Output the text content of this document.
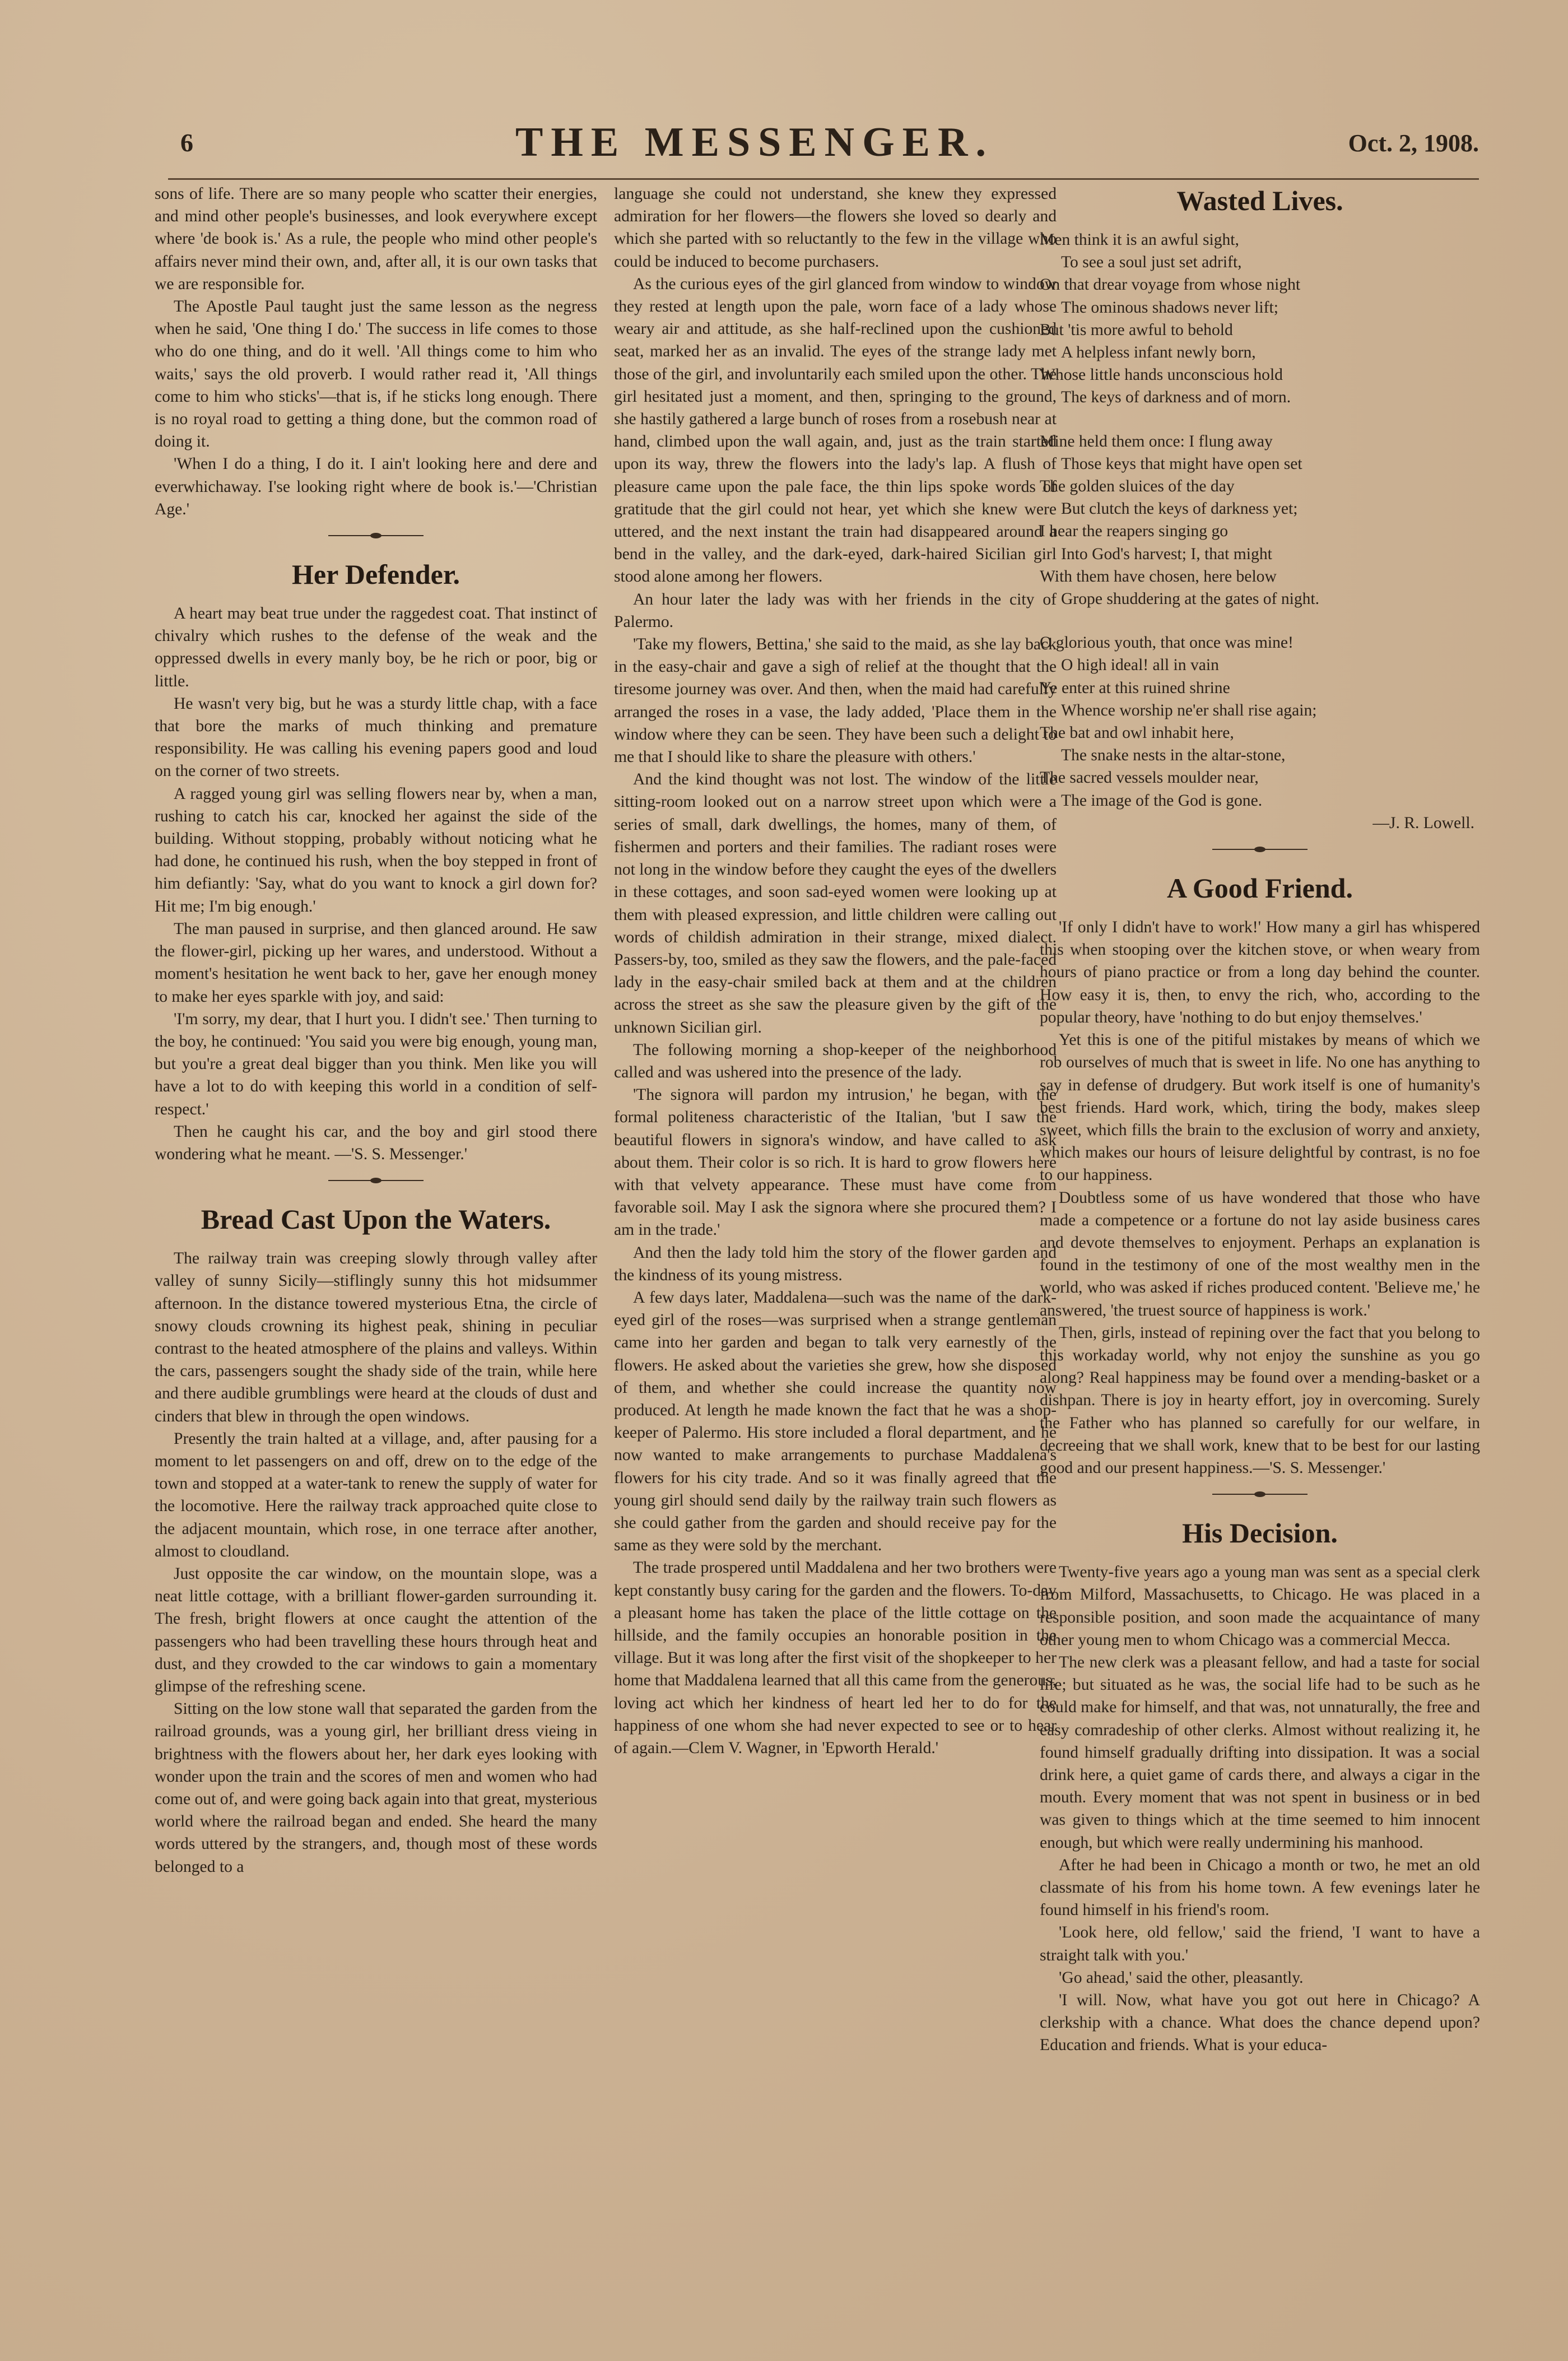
6	THE MESSENGER.	Oct. 2, 1908.

sons of life. There are so many people who scatter their energies, and mind other people's businesses, and look everywhere except where 'de book is.' As a rule, the people who mind other people's affairs never mind their own, and, after all, it is our own tasks that we are responsible for.

The Apostle Paul taught just the same lesson as the negress when he said, 'One thing I do.' The success in life comes to those who do one thing, and do it well. 'All things come to him who waits,' says the old proverb. I would rather read it, 'All things come to him who sticks'—that is, if he sticks long enough. There is no royal road to getting a thing done, but the common road of doing it.

'When I do a thing, I do it. I ain't looking here and dere and everwhichaway. I'se looking right where de book is.'—'Christian Age.'

Her Defender.

A heart may beat true under the raggedest coat. That instinct of chivalry which rushes to the defense of the weak and the oppressed dwells in every manly boy, be he rich or poor, big or little.

He wasn't very big, but he was a sturdy little chap, with a face that bore the marks of much thinking and premature responsibility. He was calling his evening papers good and loud on the corner of two streets.

A ragged young girl was selling flowers near by, when a man, rushing to catch his car, knocked her against the side of the building. Without stopping, probably without noticing what he had done, he continued his rush, when the boy stepped in front of him defiantly: 'Say, what do you want to knock a girl down for? Hit me; I'm big enough.'

The man paused in surprise, and then glanced around. He saw the flower-girl, picking up her wares, and understood. Without a moment's hesitation he went back to her, gave her enough money to make her eyes sparkle with joy, and said:

'I'm sorry, my dear, that I hurt you. I didn't see.' Then turning to the boy, he continued: 'You said you were big enough, young man, but you're a great deal bigger than you think. Men like you will have a lot to do with keeping this world in a condition of self-respect.'

Then he caught his car, and the boy and girl stood there wondering what he meant. —'S. S. Messenger.'

Bread Cast Upon the Waters.

The railway train was creeping slowly through valley after valley of sunny Sicily—stiflingly sunny this hot midsummer afternoon. In the distance towered mysterious Etna, the circle of snowy clouds crowning its highest peak, shining in peculiar contrast to the heated atmosphere of the plains and valleys. Within the cars, passengers sought the shady side of the train, while here and there audible grumblings were heard at the clouds of dust and cinders that blew in through the open windows.

Presently the train halted at a village, and, after pausing for a moment to let passengers on and off, drew on to the edge of the town and stopped at a water-tank to renew the supply of water for the locomotive. Here the railway track approached quite close to the adjacent mountain, which rose, in one terrace after another, almost to cloudland.

Just opposite the car window, on the mountain slope, was a neat little cottage, with a brilliant flower-garden surrounding it. The fresh, bright flowers at once caught the attention of the passengers who had been travelling these hours through heat and dust, and they crowded to the car windows to gain a momentary glimpse of the refreshing scene.

Sitting on the low stone wall that separated the garden from the railroad grounds, was a young girl, her brilliant dress vieing in brightness with the flowers about her, her dark eyes looking with wonder upon the train and the scores of men and women who had come out of, and were going back again into that great, mysterious world where the railroad began and ended. She heard the many words uttered by the strangers, and, though most of these words belonged to a

language she could not understand, she knew they expressed admiration for her flowers—the flowers she loved so dearly and which she parted with so reluctantly to the few in the village who could be induced to become purchasers.

As the curious eyes of the girl glanced from window to window they rested at length upon the pale, worn face of a lady whose weary air and attitude, as she half-reclined upon the cushioned seat, marked her as an invalid. The eyes of the strange lady met those of the girl, and involuntarily each smiled upon the other. The girl hesitated just a moment, and then, springing to the ground, she hastily gathered a large bunch of roses from a rosebush near at hand, climbed upon the wall again, and, just as the train started upon its way, threw the flowers into the lady's lap. A flush of pleasure came upon the pale face, the thin lips spoke words of gratitude that the girl could not hear, yet which she knew were uttered, and the next instant the train had disappeared around a bend in the valley, and the dark-eyed, dark-haired Sicilian girl stood alone among her flowers.

An hour later the lady was with her friends in the city of Palermo.

'Take my flowers, Bettina,' she said to the maid, as she lay back in the easy-chair and gave a sigh of relief at the thought that the tiresome journey was over. And then, when the maid had carefully arranged the roses in a vase, the lady added, 'Place them in the window where they can be seen. They have been such a delight to me that I should like to share the pleasure with others.'

And the kind thought was not lost. The window of the little sitting-room looked out on a narrow street upon which were a series of small, dark dwellings, the homes, many of them, of fishermen and porters and their families. The radiant roses were not long in the window before they caught the eyes of the dwellers in these cottages, and soon sad-eyed women were looking up at them with pleased expression, and little children were calling out words of childish admiration in their strange, mixed dialect. Passers-by, too, smiled as they saw the flowers, and the pale-faced lady in the easy-chair smiled back at them and at the children across the street as she saw the pleasure given by the gift of the unknown Sicilian girl.

The following morning a shop-keeper of the neighborhood called and was ushered into the presence of the lady.

'The signora will pardon my intrusion,' he began, with the formal politeness characteristic of the Italian, 'but I saw the beautiful flowers in signora's window, and have called to ask about them. Their color is so rich. It is hard to grow flowers here with that velvety appearance. These must have come from favorable soil. May I ask the signora where she procured them? I am in the trade.'

And then the lady told him the story of the flower garden and the kindness of its young mistress.

A few days later, Maddalena—such was the name of the dark-eyed girl of the roses—was surprised when a strange gentleman came into her garden and began to talk very earnestly of the flowers. He asked about the varieties she grew, how she disposed of them, and whether she could increase the quantity now produced. At length he made known the fact that he was a shop-keeper of Palermo. His store included a floral department, and he now wanted to make arrangements to purchase Maddalena's flowers for his city trade. And so it was finally agreed that the young girl should send daily by the railway train such flowers as she could gather from the garden and should receive pay for the same as they were sold by the merchant.

The trade prospered until Maddalena and her two brothers were kept constantly busy caring for the garden and the flowers. To-day a pleasant home has taken the place of the little cottage on the hillside, and the family occupies an honorable position in the village. But it was long after the first visit of the shopkeeper to her home that Maddalena learned that all this came from the generous, loving act which her kindness of heart led her to do for the happiness of one whom she had never expected to see or to hear of again.—Clem V. Wagner, in 'Epworth Herald.'

Wasted Lives.
Men think it is an awful sight,
To see a soul just set adrift,
On that drear voyage from whose night
The ominous shadows never lift;
But 'tis more awful to behold
A helpless infant newly born,
Whose little hands unconscious hold
The keys of darkness and of morn.
Mine held them once: I flung away
Those keys that might have open set
The golden sluices of the day
But clutch the keys of darkness yet;
I hear the reapers singing go
Into God's harvest; I, that might
With them have chosen, here below
Grope shuddering at the gates of night.
O glorious youth, that once was mine!
O high ideal! all in vain
Ye enter at this ruined shrine
Whence worship ne'er shall rise again;
The bat and owl inhabit here,
The snake nests in the altar-stone,
The sacred vessels moulder near,
The image of the God is gone.
—J. R. Lowell.
A Good Friend.

'If only I didn't have to work!' How many a girl has whispered this when stooping over the kitchen stove, or when weary from hours of piano practice or from a long day behind the counter. How easy it is, then, to envy the rich, who, according to the popular theory, have 'nothing to do but enjoy themselves.'

Yet this is one of the pitiful mistakes by means of which we rob ourselves of much that is sweet in life. No one has anything to say in defense of drudgery. But work itself is one of humanity's best friends. Hard work, which, tiring the body, makes sleep sweet, which fills the brain to the exclusion of worry and anxiety, which makes our hours of leisure delightful by contrast, is no foe to our happiness.

Doubtless some of us have wondered that those who have made a competence or a fortune do not lay aside business cares and devote themselves to enjoyment. Perhaps an explanation is found in the testimony of one of the most wealthy men in the world, who was asked if riches produced content. 'Believe me,' he answered, 'the truest source of happiness is work.'

Then, girls, instead of repining over the fact that you belong to this workaday world, why not enjoy the sunshine as you go along? Real happiness may be found over a mending-basket or a dishpan. There is joy in hearty effort, joy in overcoming. Surely the Father who has planned so carefully for our welfare, in decreeing that we shall work, knew that to be best for our lasting good and our present happiness.—'S. S. Messenger.'

His Decision.

Twenty-five years ago a young man was sent as a special clerk from Milford, Massachusetts, to Chicago. He was placed in a responsible position, and soon made the acquaintance of many other young men to whom Chicago was a commercial Mecca.

The new clerk was a pleasant fellow, and had a taste for social life; but situated as he was, the social life had to be such as he could make for himself, and that was, not unnaturally, the free and easy comradeship of other clerks. Almost without realizing it, he found himself gradually drifting into dissipation. It was a social drink here, a quiet game of cards there, and always a cigar in the mouth. Every moment that was not spent in business or in bed was given to things which at the time seemed to him innocent enough, but which were really undermining his manhood.

After he had been in Chicago a month or two, he met an old classmate of his from his home town. A few evenings later he found himself in his friend's room.

'Look here, old fellow,' said the friend, 'I want to have a straight talk with you.'

'Go ahead,' said the other, pleasantly.

'I will. Now, what have you got out here in Chicago? A clerkship with a chance. What does the chance depend upon? Education and friends. What is your educa-
